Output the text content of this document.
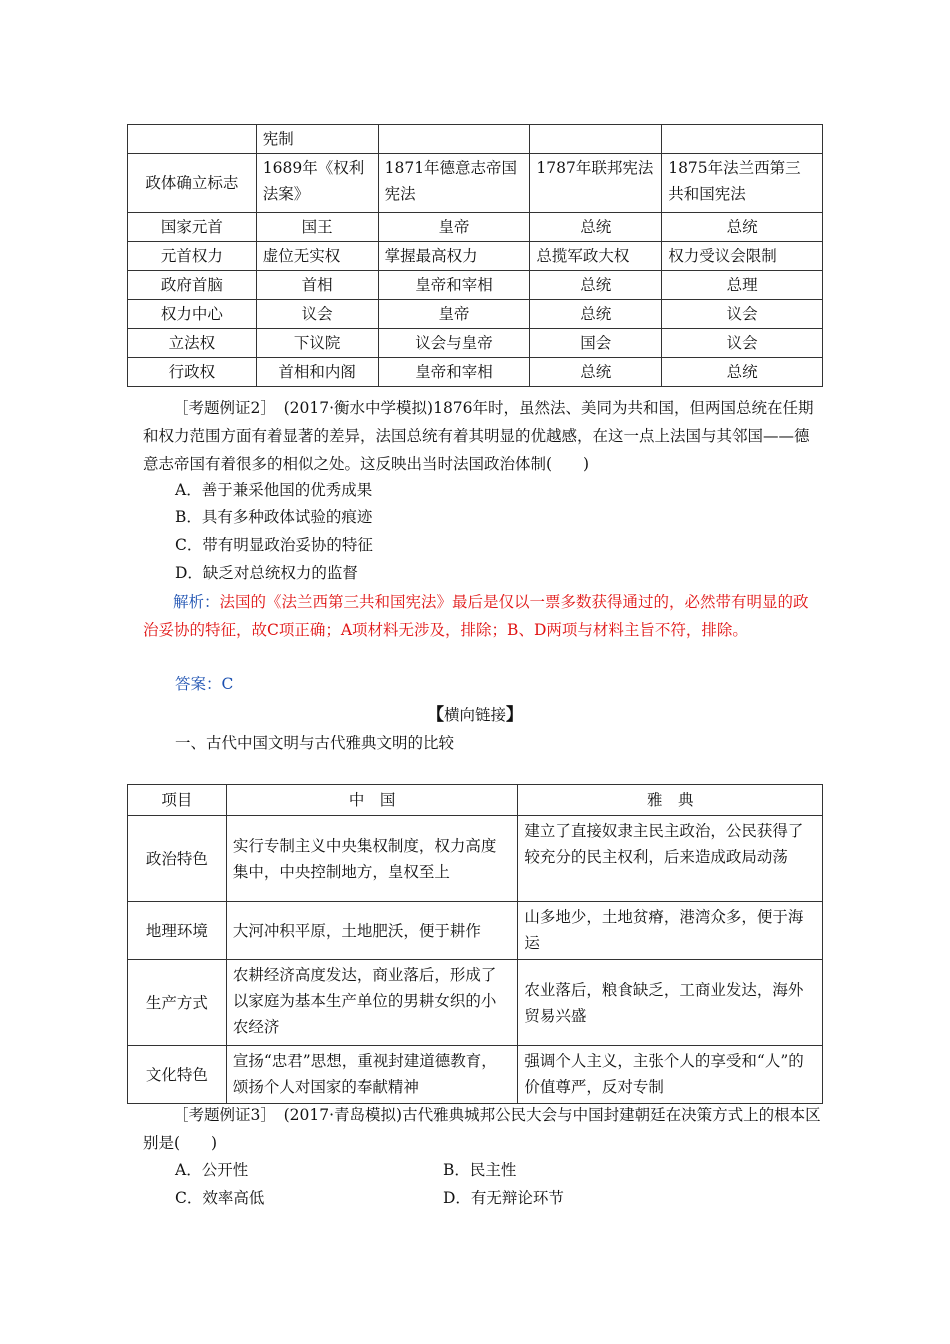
	宪制			
政体确立标志	1689年《权利法案》	1871年德意志帝国宪法	1787年联邦宪法	1875年法兰西第三共和国宪法
国家元首	国王	皇帝	总统	总统
元首权力	虚位无实权	掌握最高权力	总揽军政大权	权力受议会限制
政府首脑	首相	皇帝和宰相	总统	总理
权力中心	议会	皇帝	总统	议会
立法权	下议院	议会与皇帝	国会	议会
行政权	首相和内阁	皇帝和宰相	总统	总统
［考题例证2］　(2017·衡水中学模拟)1876年时，虽然法、美同为共和国，但两国总统在任期和权力范围方面有着显著的差异，法国总统有着其明显的优越感，在这一点上法国与其邻国——德意志帝国有着很多的相似之处。这反映出当时法国政治体制(　　)
A．善于兼采他国的优秀成果
B．具有多种政体试验的痕迹
C．带有明显政治妥协的特征
D．缺乏对总统权力的监督
解析：法国的《法兰西第三共和国宪法》最后是仅以一票多数获得通过的，必然带有明显的政治妥协的特征，故C项正确；A项材料无涉及，排除；B、D两项与材料主旨不符，排除。
答案：C
【横向链接】
一、古代中国文明与古代雅典文明的比较
项目	中　国	雅　典
政治特色	实行专制主义中央集权制度，权力高度集中，中央控制地方，皇权至上	建立了直接奴隶主民主政治，公民获得了较充分的民主权利，后来造成政局动荡
地理环境	大河冲积平原，土地肥沃，便于耕作	山多地少，土地贫瘠，港湾众多，便于海运
生产方式	农耕经济高度发达，商业落后，形成了以家庭为基本生产单位的男耕女织的小农经济	农业落后，粮食缺乏，工商业发达，海外贸易兴盛
文化特色	宣扬“忠君”思想，重视封建道德教育，颂扬个人对国家的奉献精神	强调个人主义，主张个人的享受和“人”的价值尊严，反对专制
［考题例证3］　(2017·青岛模拟)古代雅典城邦公民大会与中国封建朝廷在决策方式上的根本区别是(　　)
A．公开性	B．民主性
C．效率高低	D．有无辩论环节
